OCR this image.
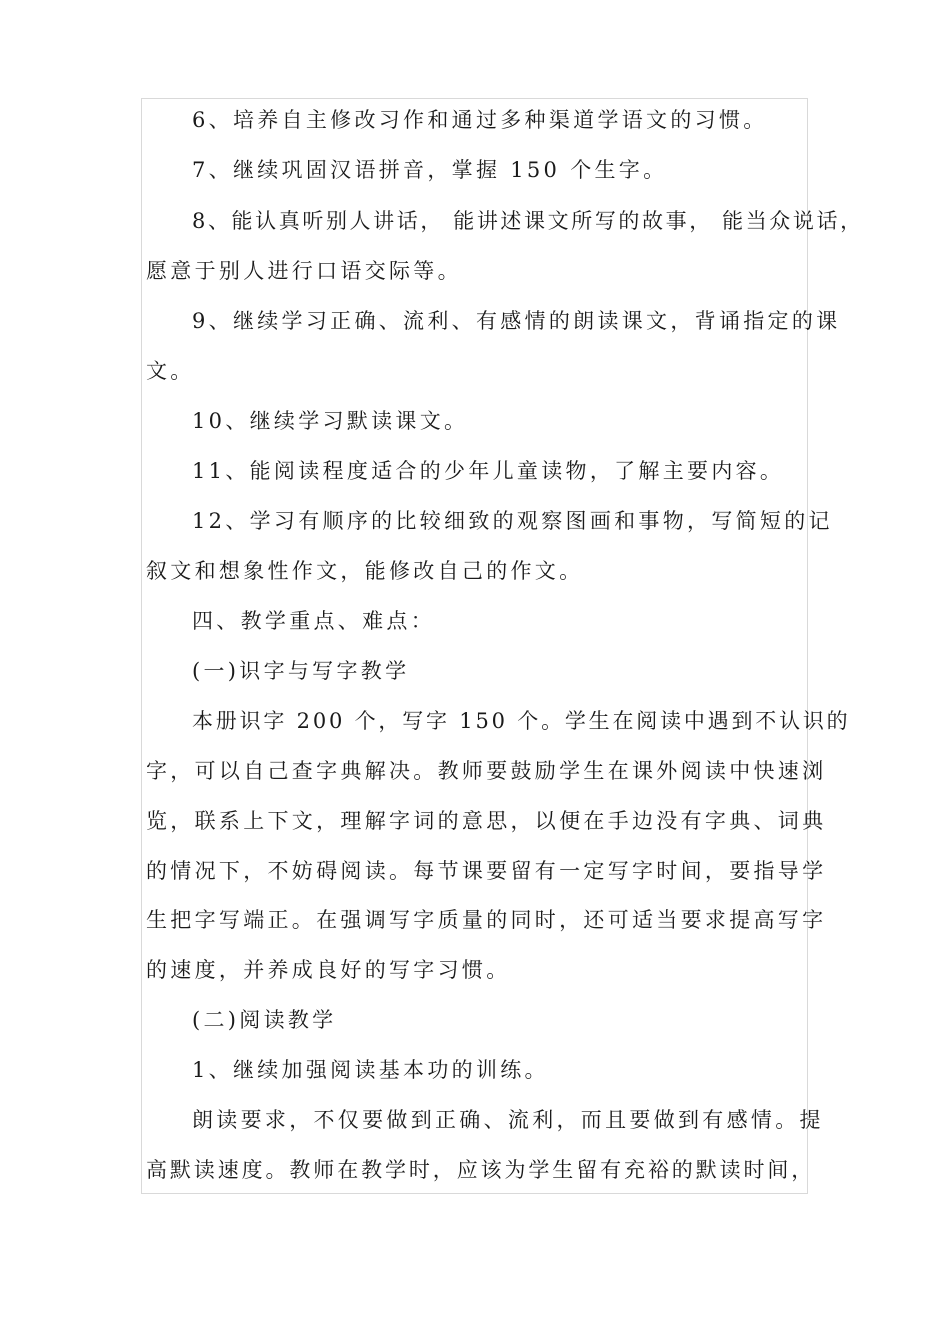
6、培养自主修改习作和通过多种渠道学语文的习惯。
7、继续巩固汉语拼音，掌握 150 个生字。
8、能认真听别人讲话， 能讲述课文所写的故事， 能当众说话，
愿意于别人进行口语交际等。
9、继续学习正确、流利、有感情的朗读课文，背诵指定的课
文。
10、继续学习默读课文。
11、能阅读程度适合的少年儿童读物，了解主要内容。
12、学习有顺序的比较细致的观察图画和事物，写简短的记
叙文和想象性作文，能修改自己的作文。
四、教学重点、难点：
(一)识字与写字教学
本册识字 200 个，写字 150 个。学生在阅读中遇到不认识的
字，可以自己查字典解决。教师要鼓励学生在课外阅读中快速浏
览，联系上下文，理解字词的意思，以便在手边没有字典、词典
的情况下，不妨碍阅读。每节课要留有一定写字时间，要指导学
生把字写端正。在强调写字质量的同时，还可适当要求提高写字
的速度，并养成良好的写字习惯。
(二)阅读教学
1、继续加强阅读基本功的训练。
朗读要求，不仅要做到正确、流利，而且要做到有感情。提
高默读速度。教师在教学时，应该为学生留有充裕的默读时间，
